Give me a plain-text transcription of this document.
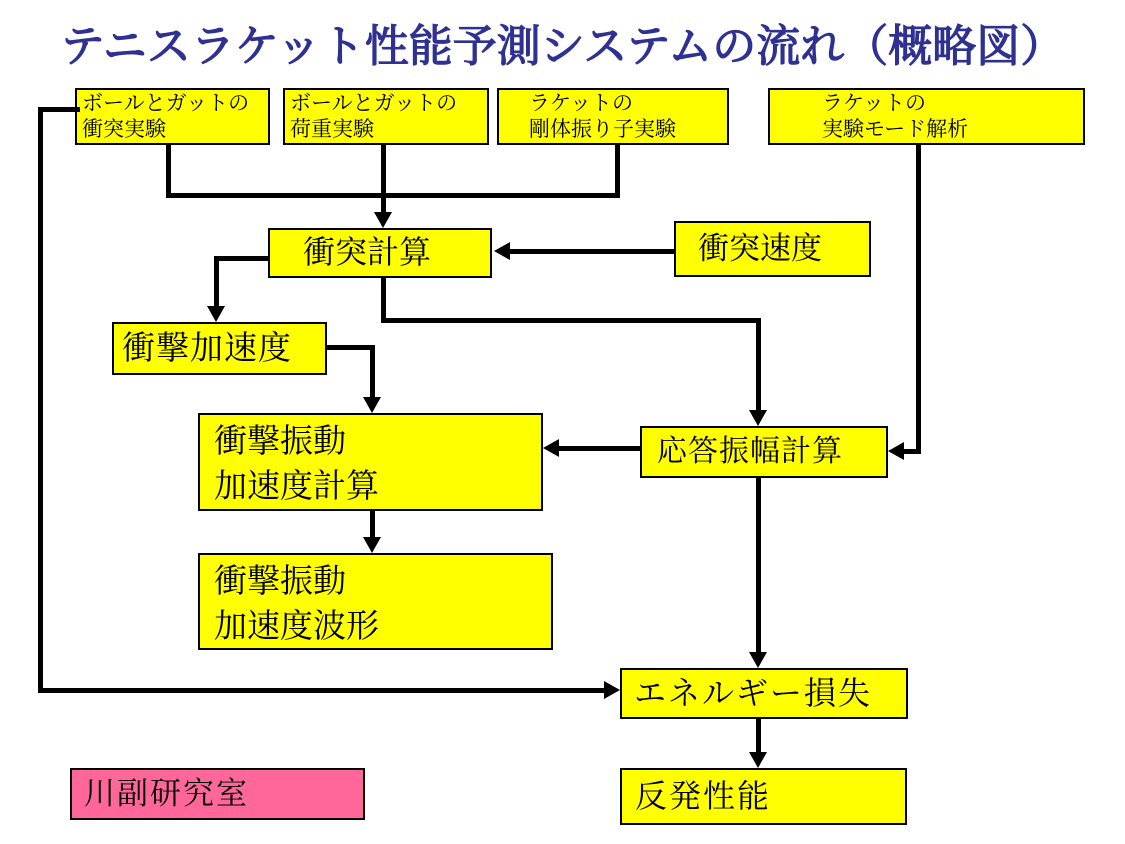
テニスラケット性能予測システムの流れ（概略図）
ボールとガットの
衝突実験
ボールとガットの
荷重実験
ラケットの
剛体振り子実験
ラケットの
実験モード解析
衝突計算	衝突速度
衝撃加速度
衝撃振動
加速度計算
応答振幅計算
衝撃振動
加速度波形
エネルギー損失
反発性能
川副研究室
